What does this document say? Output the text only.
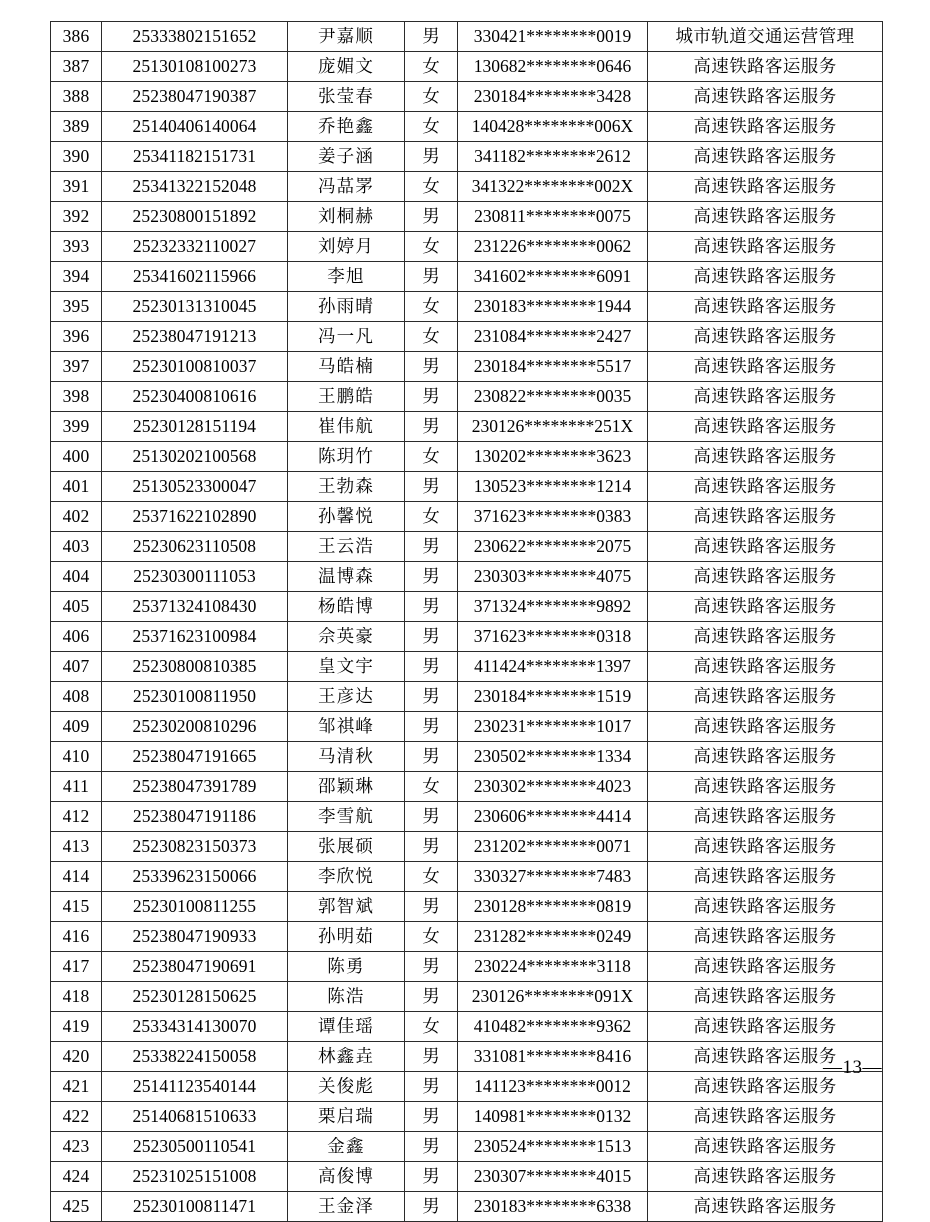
386	25333802151652	尹嘉顺	男	330421********0019	城市轨道交通运营管理
387	25130108100273	庞媚文	女	130682********0646	高速铁路客运服务
388	25238047190387	张莹春	女	230184********3428	高速铁路客运服务
389	25140406140064	乔艳鑫	女	140428********006X	高速铁路客运服务
390	25341182151731	姜子涵	男	341182********2612	高速铁路客运服务
391	25341322152048	冯䓵罞	女	341322********002X	高速铁路客运服务
392	25230800151892	刘桐赫	男	230811********0075	高速铁路客运服务
393	25232332110027	刘婷月	女	231226********0062	高速铁路客运服务
394	25341602115966	李旭	男	341602********6091	高速铁路客运服务
395	25230131310045	孙雨晴	女	230183********1944	高速铁路客运服务
396	25238047191213	冯一凡	女	231084********2427	高速铁路客运服务
397	25230100810037	马皓楠	男	230184********5517	高速铁路客运服务
398	25230400810616	王鹏皓	男	230822********0035	高速铁路客运服务
399	25230128151194	崔伟航	男	230126********251X	高速铁路客运服务
400	25130202100568	陈玥竹	女	130202********3623	高速铁路客运服务
401	25130523300047	王勃森	男	130523********1214	高速铁路客运服务
402	25371622102890	孙馨悦	女	371623********0383	高速铁路客运服务
403	25230623110508	王云浩	男	230622********2075	高速铁路客运服务
404	25230300111053	温博森	男	230303********4075	高速铁路客运服务
405	25371324108430	杨皓博	男	371324********9892	高速铁路客运服务
406	25371623100984	佘英豪	男	371623********0318	高速铁路客运服务
407	25230800810385	皇文宇	男	411424********1397	高速铁路客运服务
408	25230100811950	王彦达	男	230184********1519	高速铁路客运服务
409	25230200810296	邹祺峰	男	230231********1017	高速铁路客运服务
410	25238047191665	马清秋	男	230502********1334	高速铁路客运服务
411	25238047391789	邵颖琳	女	230302********4023	高速铁路客运服务
412	25238047191186	李雪航	男	230606********4414	高速铁路客运服务
413	25230823150373	张展硕	男	231202********0071	高速铁路客运服务
414	25339623150066	李欣悦	女	330327********7483	高速铁路客运服务
415	25230100811255	郭智斌	男	230128********0819	高速铁路客运服务
416	25238047190933	孙明茹	女	231282********0249	高速铁路客运服务
417	25238047190691	陈勇	男	230224********3118	高速铁路客运服务
418	25230128150625	陈浩	男	230126********091X	高速铁路客运服务
419	25334314130070	谭佳瑶	女	410482********9362	高速铁路客运服务
420	25338224150058	林鑫垚	男	331081********8416	高速铁路客运服务
421	25141123540144	关俊彪	男	141123********0012	高速铁路客运服务
422	25140681510633	栗启瑞	男	140981********0132	高速铁路客运服务
423	25230500110541	金鑫	男	230524********1513	高速铁路客运服务
424	25231025151008	高俊博	男	230307********4015	高速铁路客运服务
425	25230100811471	王金泽	男	230183********6338	高速铁路客运服务
—13—
